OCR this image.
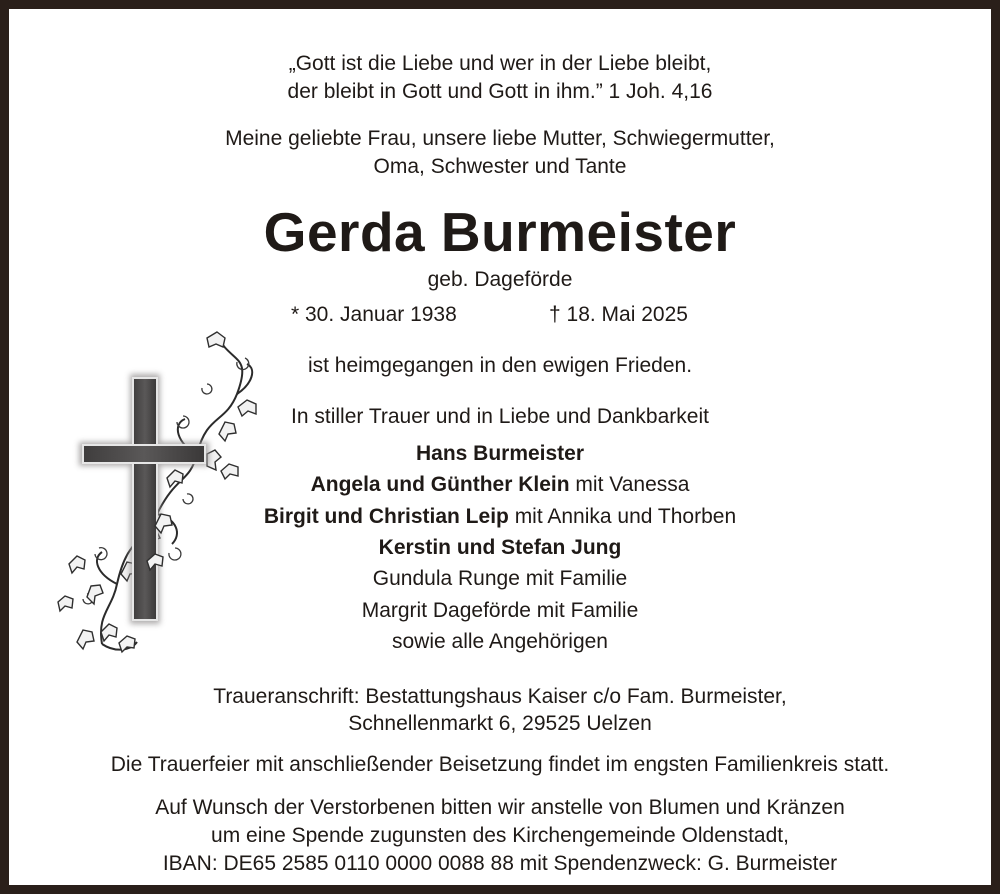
„Gott ist die Liebe und wer in der Liebe bleibt,
der bleibt in Gott und Gott in ihm.” 1 Joh. 4,16
Meine geliebte Frau, unsere liebe Mutter, Schwiegermutter,
Oma, Schwester und Tante
Gerda Burmeister
geb. Dageförde
* 30. Januar 1938	† 18. Mai 2025
ist heimgegangen in den ewigen Frieden.
In stiller Trauer und in Liebe und Dankbarkeit
Hans Burmeister
Angela und Günther Klein mit Vanessa
Birgit und Christian Leip mit Annika und Thorben
Kerstin und Stefan Jung
Gundula Runge mit Familie
Margrit Dageförde mit Familie
sowie alle Angehörigen
Traueranschrift: Bestattungshaus Kaiser c/o Fam. Burmeister,
Schnellenmarkt 6, 29525 Uelzen
Die Trauerfeier mit anschließender Beisetzung findet im engsten Familienkreis statt.
Auf Wunsch der Verstorbenen bitten wir anstelle von Blumen und Kränzen
um eine Spende zugunsten des Kirchengemeinde Oldenstadt,
IBAN: DE65 2585 0110 0000 0088 88 mit Spendenzweck: G. Burmeister
